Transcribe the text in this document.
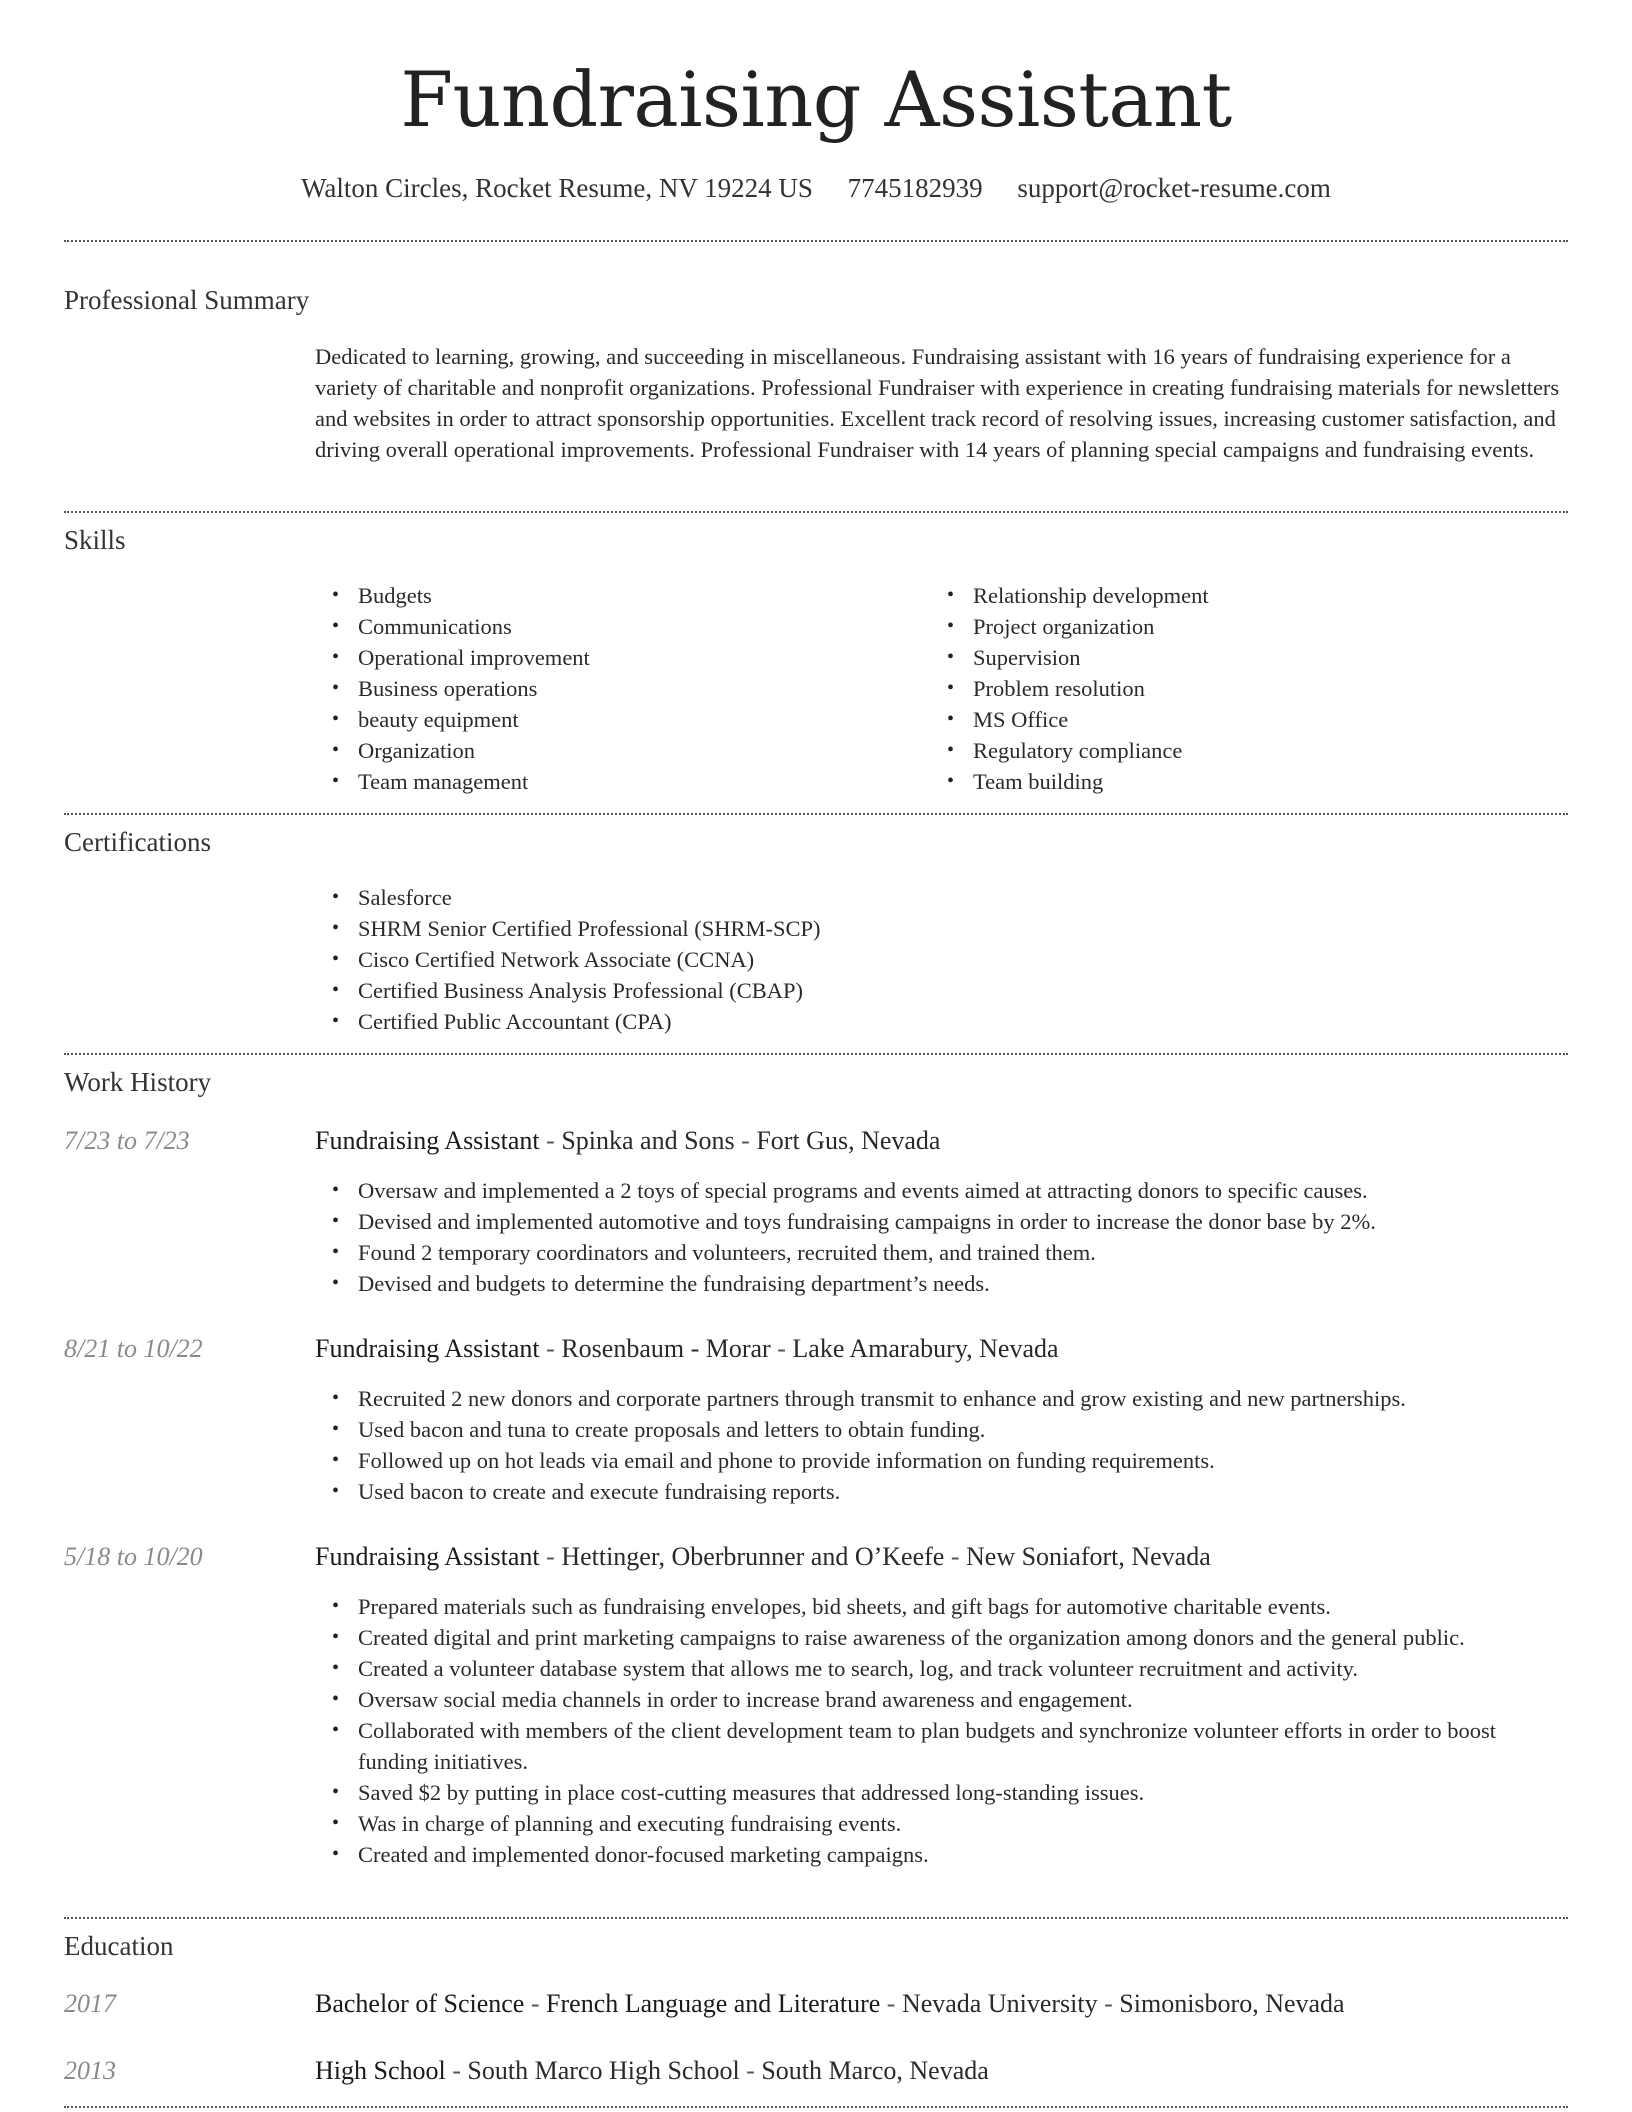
Fundraising Assistant
Walton Circles, Rocket Resume, NV 19224 US 7745182939 support@rocket-resume.com
Professional Summary
Dedicated to learning, growing, and succeeding in miscellaneous. Fundraising assistant with 16 years of fundraising experience for a variety of charitable and nonprofit organizations. Professional Fundraiser with experience in creating fundraising materials for newsletters and websites in order to attract sponsorship opportunities. Excellent track record of resolving issues, increasing customer satisfaction, and driving overall operational improvements. Professional Fundraiser with 14 years of planning special campaigns and fundraising events.
Skills
• Budgets
• Communications
• Operational improvement
• Business operations
• beauty equipment
• Organization
• Team management
• Relationship development
• Project organization
• Supervision
• Problem resolution
• MS Office
• Regulatory compliance
• Team building
Certifications
• Salesforce
• SHRM Senior Certified Professional (SHRM-SCP)
• Cisco Certified Network Associate (CCNA)
• Certified Business Analysis Professional (CBAP)
• Certified Public Accountant (CPA)
Work History
7/23 to 7/23	Fundraising Assistant - Spinka and Sons - Fort Gus, Nevada
• Oversaw and implemented a 2 toys of special programs and events aimed at attracting donors to specific causes.
• Devised and implemented automotive and toys fundraising campaigns in order to increase the donor base by 2%.
• Found 2 temporary coordinators and volunteers, recruited them, and trained them.
• Devised and budgets to determine the fundraising department’s needs.
8/21 to 10/22	Fundraising Assistant - Rosenbaum - Morar - Lake Amarabury, Nevada
• Recruited 2 new donors and corporate partners through transmit to enhance and grow existing and new partnerships.
• Used bacon and tuna to create proposals and letters to obtain funding.
• Followed up on hot leads via email and phone to provide information on funding requirements.
• Used bacon to create and execute fundraising reports.
5/18 to 10/20	Fundraising Assistant - Hettinger, Oberbrunner and O’Keefe - New Soniafort, Nevada
• Prepared materials such as fundraising envelopes, bid sheets, and gift bags for automotive charitable events.
• Created digital and print marketing campaigns to raise awareness of the organization among donors and the general public.
• Created a volunteer database system that allows me to search, log, and track volunteer recruitment and activity.
• Oversaw social media channels in order to increase brand awareness and engagement.
• Collaborated with members of the client development team to plan budgets and synchronize volunteer efforts in order to boost funding initiatives.
• Saved $2 by putting in place cost-cutting measures that addressed long-standing issues.
• Was in charge of planning and executing fundraising events.
• Created and implemented donor-focused marketing campaigns.
Education
2017	Bachelor of Science - French Language and Literature - Nevada University - Simonisboro, Nevada
2013	High School - South Marco High School - South Marco, Nevada
